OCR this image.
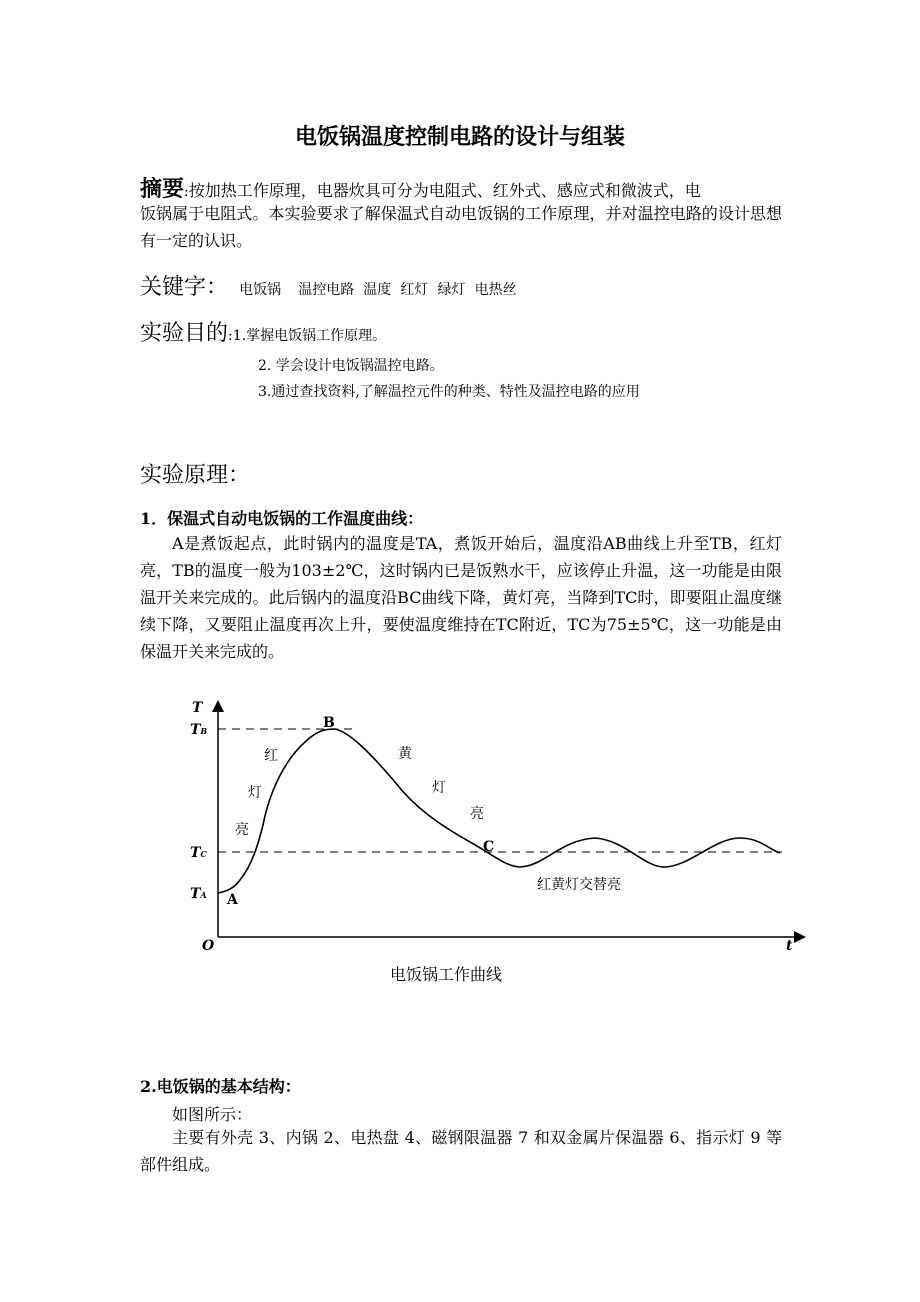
电饭锅温度控制电路的设计与组装
摘要:按加热工作原理，电器炊具可分为电阻式、红外式、感应式和微波式，电
饭锅属于电阻式。本实验要求了解保温式自动电饭锅的工作原理，并对温控电路的设计思想有一定的认识。
关键字： 电饭锅 温控电路 温度 红灯 绿灯 电热丝
实验目的:1.掌握电饭锅工作原理。
2. 学会设计电饭锅温控电路。
3.通过查找资料,了解温控元件的种类、特性及温控电路的应用
实验原理：
1．保温式自动电饭锅的工作温度曲线：
A是煮饭起点，此时锅内的温度是TA，煮饭开始后，温度沿AB曲线上升至TB，红灯亮，TB的温度一般为103±2℃，这时锅内已是饭熟水干，应该停止升温，这一功能是由限温开关来完成的。此后锅内的温度沿BC曲线下降，黄灯亮，当降到TC时，即要阻止温度继续下降，又要阻止温度再次上升，要使温度维持在TC附近，TC为75±5℃，这一功能是由保温开关来完成的。
T
TB
TC
TA
O	t
A
B
C
红
灯
亮
黄
灯
亮
红黄灯交替亮
电饭锅工作曲线
2.电饭锅的基本结构：
如图所示：
主要有外壳 3、内锅 2、电热盘 4、磁钢限温器 7 和双金属片保温器 6、指示灯 9 等部件组成。
